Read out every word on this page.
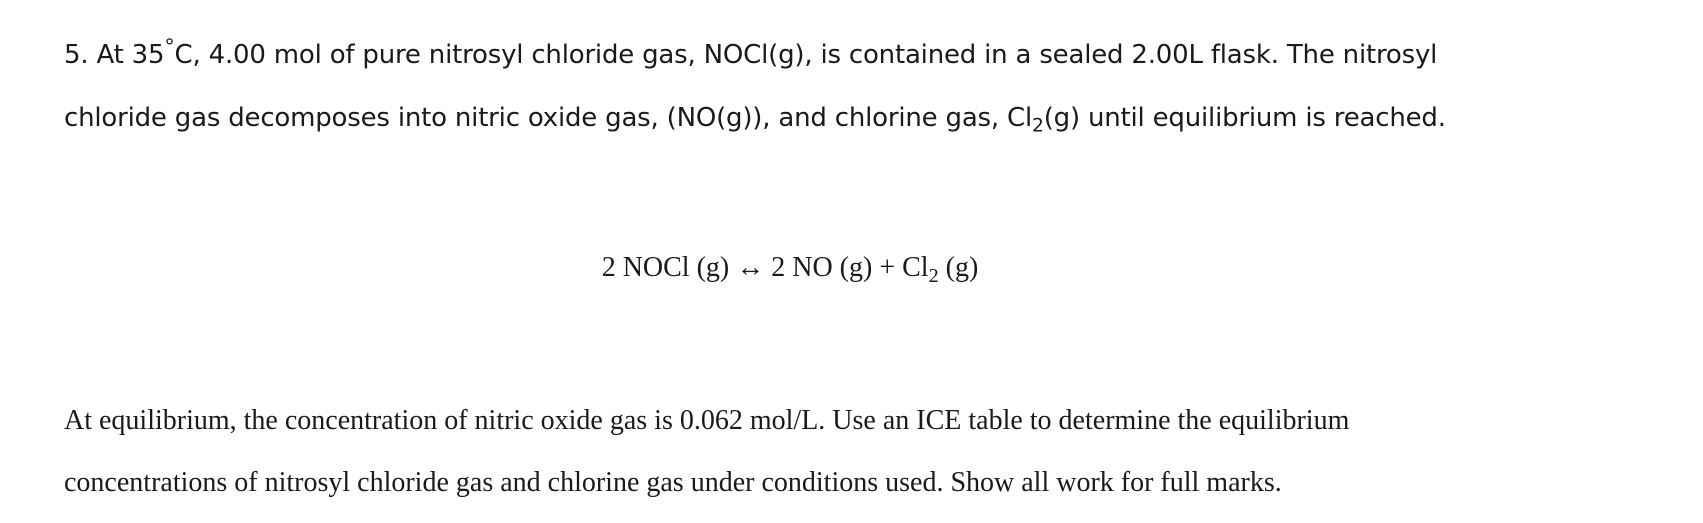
5. At 35°C, 4.00 mol of pure nitrosyl chloride gas, NOCl(g), is contained in a sealed 2.00L flask. The nitrosyl

chloride gas decomposes into nitric oxide gas, (NO(g)), and chlorine gas, $Cl_2(g)$ until equilibrium is reached.

2 NOCl (g) ↔ 2 NO $(g) + Cl_2$ (g)

At equilibrium, the concentration of nitric oxide gas is 0.062 mol/L. Use an ICE table to determine the equilibrium

concentrations of nitrosyl chloride gas and chlorine gas under conditions used. Show all work for full marks.
